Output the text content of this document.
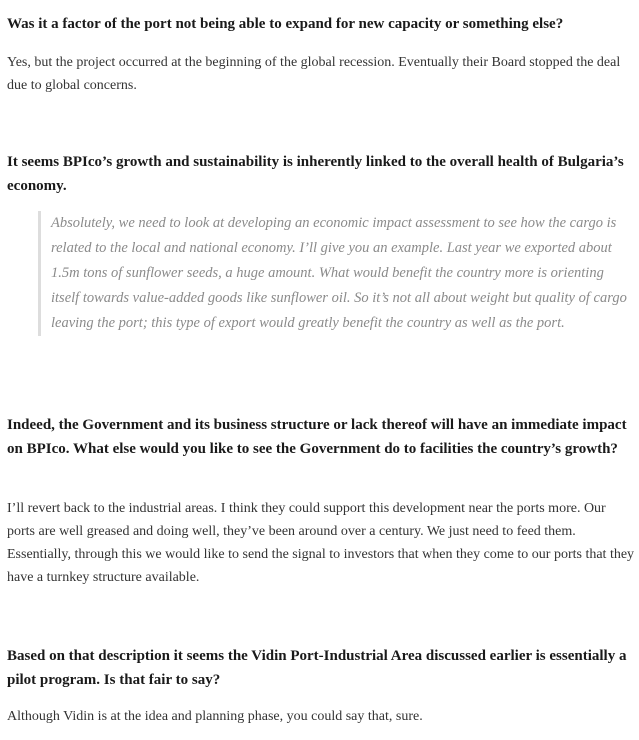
Was it a factor of the port not being able to expand for new capacity or something else?

Yes, but the project occurred at the beginning of the global recession. Eventually their Board stopped the deal due to global concerns.

It seems BPIco’s growth and sustainability is inherently linked to the overall health of Bulgaria’s economy.

Absolutely, we need to look at developing an economic impact assessment to see how the cargo is related to the local and national economy. I’ll give you an example. Last year we exported about 1.5m tons of sunflower seeds, a huge amount. What would benefit the country more is orienting itself towards value-added goods like sunflower oil. So it’s not all about weight but quality of cargo leaving the port; this type of export would greatly benefit the country as well as the port.

Indeed, the Government and its business structure or lack thereof will have an immediate impact on BPIco. What else would you like to see the Government do to facilities the country’s growth?

I’ll revert back to the industrial areas. I think they could support this development near the ports more. Our ports are well greased and doing well, they’ve been around over a century. We just need to feed them. Essentially, through this we would like to send the signal to investors that when they come to our ports that they have a turnkey structure available.

Based on that description it seems the Vidin Port-Industrial Area discussed earlier is essentially a pilot program. Is that fair to say?

Although Vidin is at the idea and planning phase, you could say that, sure.
